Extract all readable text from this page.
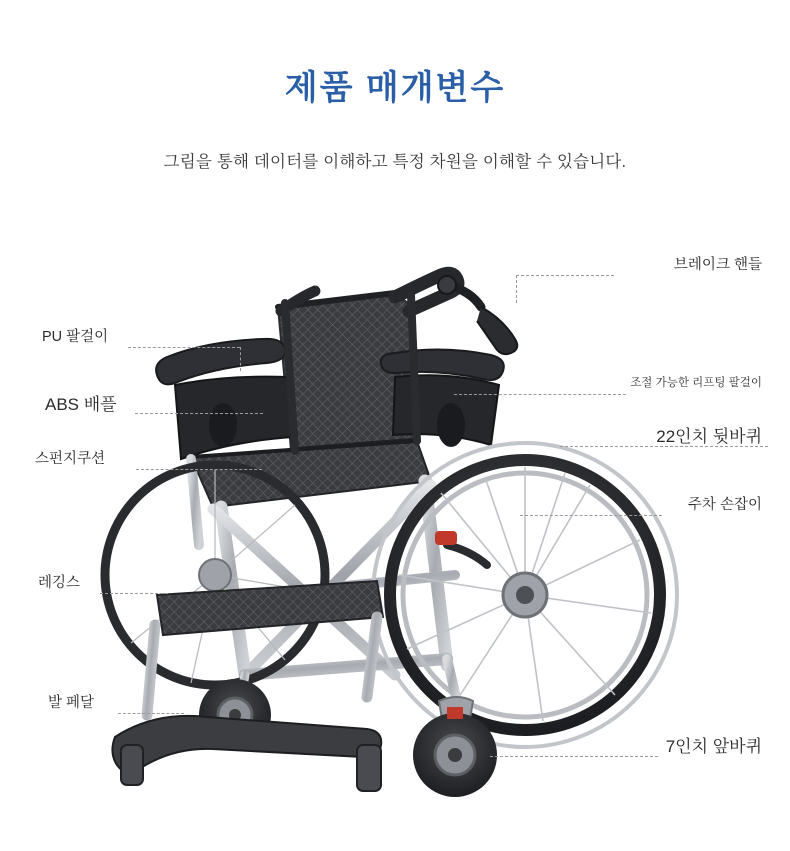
제품 매개변수
그림을 통해 데이터를 이해하고 특정 차원을 이해할 수 있습니다.
PU 팔걸이
ABS 배플
스펀지쿠션
레깅스
발 페달
브레이크 핸들
조절 가능한 리프팅 팔걸이
22인치 뒷바퀴
주차 손잡이
7인치 앞바퀴
